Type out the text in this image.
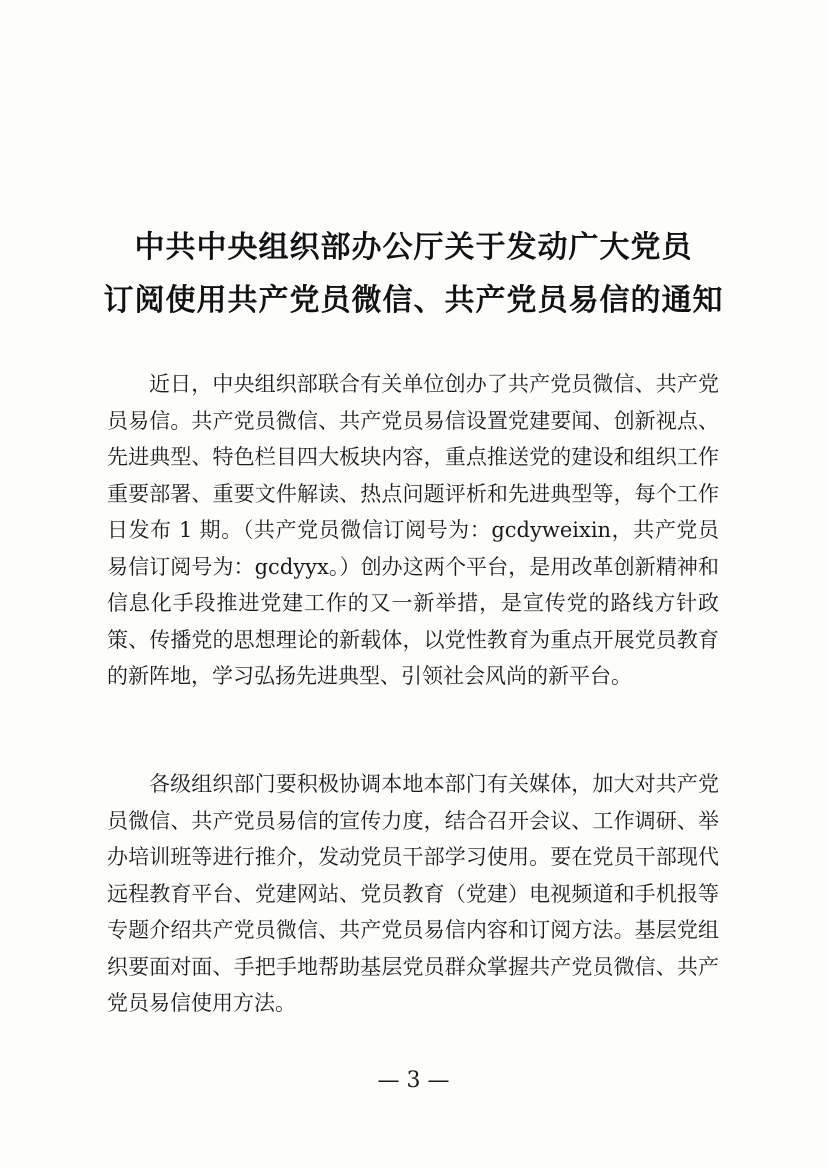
中共中央组织部办公厅关于发动广大党员
订阅使用共产党员微信、共产党员易信的通知

近日，中央组织部联合有关单位创办了共产党员微信、共产党员易信。共产党员微信、共产党员易信设置党建要闻、创新视点、先进典型、特色栏目四大板块内容，重点推送党的建设和组织工作重要部署、重要文件解读、热点问题评析和先进典型等，每个工作日发布 1 期。（共产党员微信订阅号为：gcdyweixin，共产党员易信订阅号为：gcdyyx。）创办这两个平台，是用改革创新精神和信息化手段推进党建工作的又一新举措，是宣传党的路线方针政策、传播党的思想理论的新载体，以党性教育为重点开展党员教育的新阵地，学习弘扬先进典型、引领社会风尚的新平台。

各级组织部门要积极协调本地本部门有关媒体，加大对共产党员微信、共产党员易信的宣传力度，结合召开会议、工作调研、举办培训班等进行推介，发动党员干部学习使用。要在党员干部现代远程教育平台、党建网站、党员教育（党建）电视频道和手机报等专题介绍共产党员微信、共产党员易信内容和订阅方法。基层党组织要面对面、手把手地帮助基层党员群众掌握共产党员微信、共产党员易信使用方法。

— 3 —
